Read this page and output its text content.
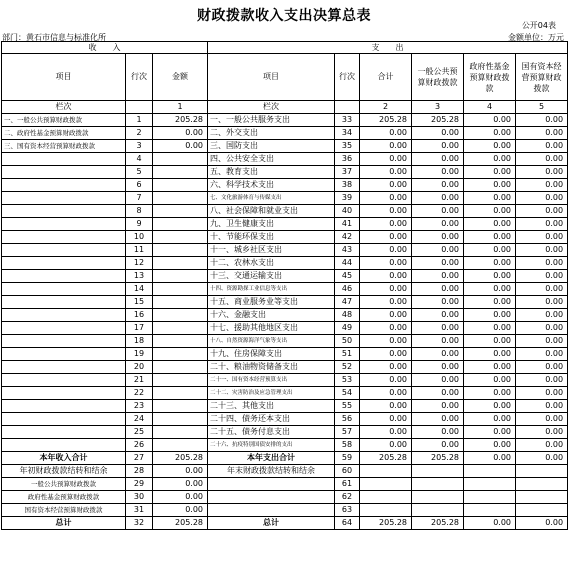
财政拨款收入支出决算总表
公开04表
部门：黄石市信息与标准化所	金额单位：万元
收　　入			支　　出					
项目	行次	金额	项目	行次	合计	一般公共预算财政拨款	政府性基金预算财政拨款	国有资本经营预算财政拨款
栏次		1	栏次		2	3	4	5
一、一般公共预算财政拨款	1	205.28	一、一般公共服务支出	33	205.28	205.28	0.00	0.00
二、政府性基金预算财政拨款	2	0.00	二、外交支出	34	0.00	0.00	0.00	0.00
三、国有资本经营预算财政拨款	3	0.00	三、国防支出	35	0.00	0.00	0.00	0.00
	4		四、公共安全支出	36	0.00	0.00	0.00	0.00
	5		五、教育支出	37	0.00	0.00	0.00	0.00
	6		六、科学技术支出	38	0.00	0.00	0.00	0.00
	7		七、文化旅游体育与传媒支出	39	0.00	0.00	0.00	0.00
	8		八、社会保障和就业支出	40	0.00	0.00	0.00	0.00
	9		九、卫生健康支出	41	0.00	0.00	0.00	0.00
	10		十、节能环保支出	42	0.00	0.00	0.00	0.00
	11		十一、城乡社区支出	43	0.00	0.00	0.00	0.00
	12		十二、农林水支出	44	0.00	0.00	0.00	0.00
	13		十三、交通运输支出	45	0.00	0.00	0.00	0.00
	14		十四、资源勘探工业信息等支出	46	0.00	0.00	0.00	0.00
	15		十五、商业服务业等支出	47	0.00	0.00	0.00	0.00
	16		十六、金融支出	48	0.00	0.00	0.00	0.00
	17		十七、援助其他地区支出	49	0.00	0.00	0.00	0.00
	18		十八、自然资源海洋气象等支出	50	0.00	0.00	0.00	0.00
	19		十九、住房保障支出	51	0.00	0.00	0.00	0.00
	20		二十、粮油物资储备支出	52	0.00	0.00	0.00	0.00
	21		二十一、国有资本经营预算支出	53	0.00	0.00	0.00	0.00
	22		二十二、灾害防治及应急管理支出	54	0.00	0.00	0.00	0.00
	23		二十三、其他支出	55	0.00	0.00	0.00	0.00
	24		二十四、债务还本支出	56	0.00	0.00	0.00	0.00
	25		二十五、债务付息支出	57	0.00	0.00	0.00	0.00
	26		二十六、抗疫特别国债安排的支出	58	0.00	0.00	0.00	0.00
本年收入合计	27	205.28	本年支出合计	59	205.28	205.28	0.00	0.00
年初财政拨款结转和结余	28	0.00	年末财政拨款结转和结余	60				
一般公共预算财政拨款	29	0.00		61				
政府性基金预算财政拨款	30	0.00		62				
国有资本经营预算财政拨款	31	0.00		63				
总计	32	205.28	总计	64	205.28	205.28	0.00	0.00
